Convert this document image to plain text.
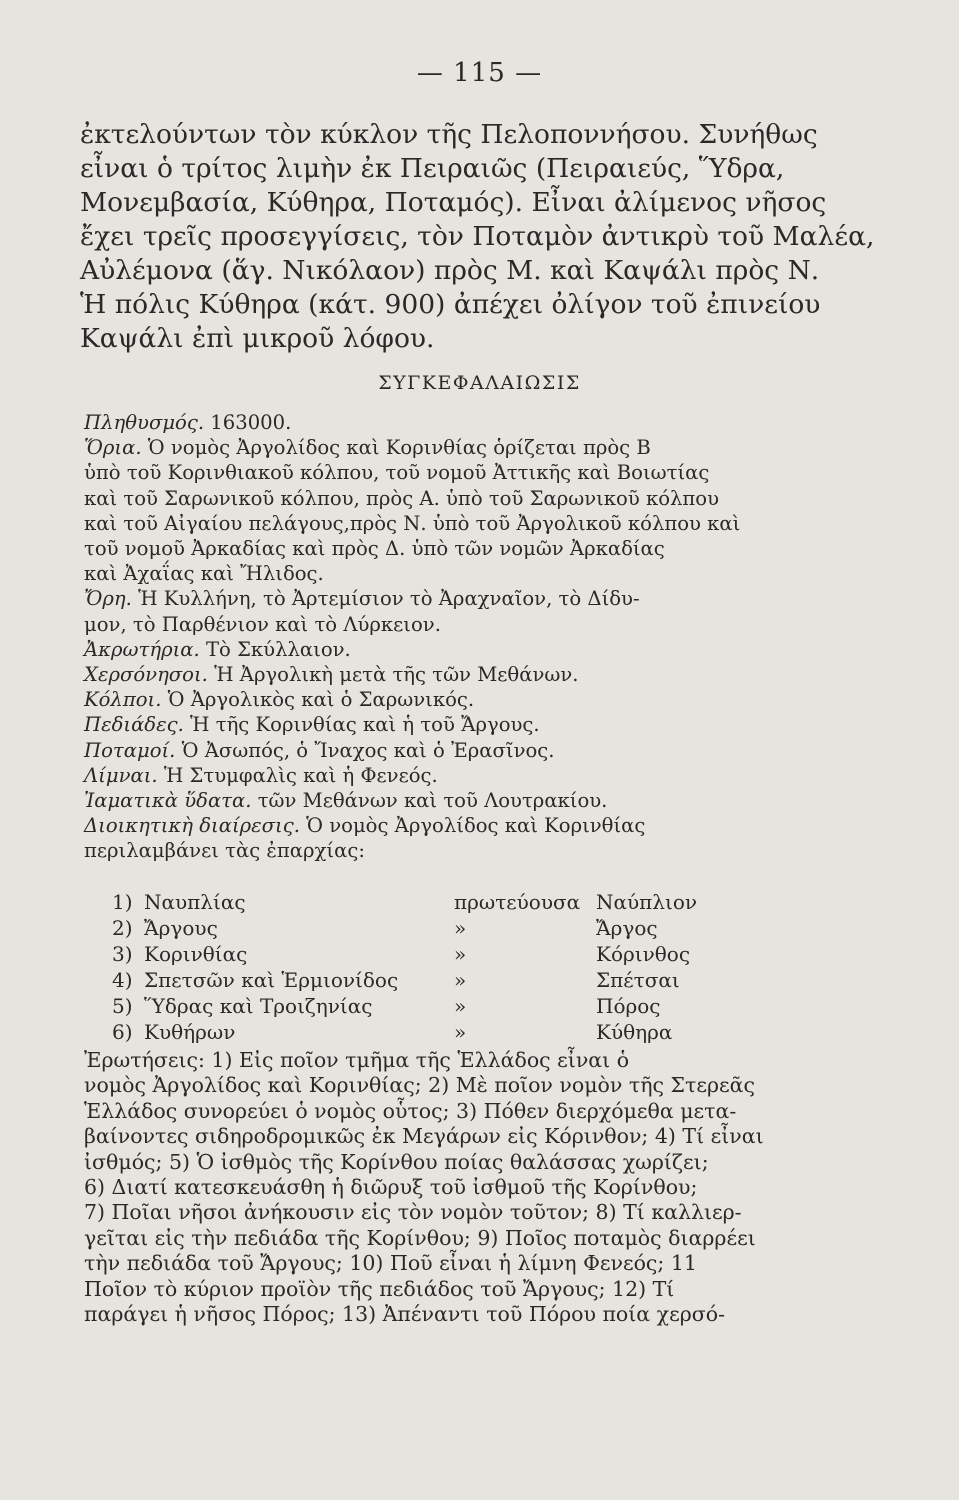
— 115 —
ἐκτελούντων τὸν κύκλον τῆς Πελοποννήσου. Συνήθως
εἶναι ὁ τρίτος λιμὴν ἐκ Πειραιῶς (Πειραιεύς, Ὕδρα,
Μονεμβασία, Κύθηρα, Ποταμός). Εἶναι ἀλίμενος νῆσος
ἔχει τρεῖς προσεγγίσεις, τὸν Ποταμὸν ἀντικρὺ τοῦ Μαλέα,
Αὐλέμονα (ἅγ. Νικόλαον) πρὸς Μ. καὶ Καψάλι πρὸς Ν.
Ἡ πόλις Κύθηρα (κάτ. 900) ἀπέχει ὀλίγον τοῦ ἐπινείου
Καψάλι ἐπὶ μικροῦ λόφου.
ΣΥΓΚΕΦΑΛΑΙΩΣΙΣ
Πληθυσμός. 163000.
Ὅρια. Ὁ νομὸς Ἀργολίδος καὶ Κορινθίας ὁρίζεται πρὸς Β
ὑπὸ τοῦ Κορινθιακοῦ κόλπου, τοῦ νομοῦ Ἀττικῆς καὶ Βοιωτίας
καὶ τοῦ Σαρωνικοῦ κόλπου, πρὸς Α. ὑπὸ τοῦ Σαρωνικοῦ κόλπου
καὶ τοῦ Αἰγαίου πελάγους,πρὸς Ν. ὑπὸ τοῦ Ἀργολικοῦ κόλπου καὶ
τοῦ νομοῦ Ἀρκαδίας καὶ πρὸς Δ. ὑπὸ τῶν νομῶν Ἀρκαδίας
καὶ Ἀχαΐας καὶ Ἤλιδος.
Ὄρη. Ἡ Κυλλήνη, τὸ Ἀρτεμίσιον τὸ Ἀραχναῖον, τὸ Δίδυ-
μον, τὸ Παρθένιον καὶ τὸ Λύρκειον.
Ἀκρωτήρια. Τὸ Σκύλλαιον.
Χερσόνησοι. Ἡ Ἀργολικὴ μετὰ τῆς τῶν Μεθάνων.
Κόλποι. Ὁ Ἀργολικὸς καὶ ὁ Σαρωνικός.
Πεδιάδες. Ἡ τῆς Κορινθίας καὶ ἡ τοῦ Ἄργους.
Ποταμοί. Ὁ Ἀσωπός, ὁ Ἴναχος καὶ ὁ Ἐρασῖνος.
Λίμναι. Ἡ Στυμφαλὶς καὶ ἡ Φενεός.
Ἰαματικὰ ὕδατα. τῶν Μεθάνων καὶ τοῦ Λουτρακίου.
Διοικητικὴ διαίρεσις. Ὁ νομὸς Ἀργολίδος καὶ Κορινθίας
περιλαμβάνει τὰς ἐπαρχίας:
1) Ναυπλίας	πρωτεύουσα Ναύπλιον
2) Ἄργους	»	Ἄργος
3) Κορινθίας	»	Κόρινθος
4) Σπετσῶν καὶ Ἑρμιονίδος	»	Σπέτσαι
5) Ὕδρας καὶ Τροιζηνίας	»	Πόρος
6) Κυθήρων	»	Κύθηρα
Ἐρωτήσεις: 1) Εἰς ποῖον τμῆμα τῆς Ἑλλάδος εἶναι ὁ
νομὸς Ἀργολίδος καὶ Κορινθίας; 2) Μὲ ποῖον νομὸν τῆς Στερεᾶς
Ἑλλάδος συνορεύει ὁ νομὸς οὗτος; 3) Πόθεν διερχόμεθα μετα-
βαίνοντες σιδηροδρομικῶς ἐκ Μεγάρων εἰς Κόρινθον; 4) Τί εἶναι
ἰσθμός; 5) Ὁ ἰσθμὸς τῆς Κορίνθου ποίας θαλάσσας χωρίζει;
6) Διατί κατεσκευάσθη ἡ διῶρυξ τοῦ ἰσθμοῦ τῆς Κορίνθου;
7) Ποῖαι νῆσοι ἀνήκουσιν εἰς τὸν νομὸν τοῦτον; 8) Τί καλλιερ-
γεῖται εἰς τὴν πεδιάδα τῆς Κορίνθου; 9) Ποῖος ποταμὸς διαρρέει
τὴν πεδιάδα τοῦ Ἄργους; 10) Ποῦ εἶναι ἡ λίμνη Φενεός; 11
Ποῖον τὸ κύριον προϊὸν τῆς πεδιάδος τοῦ Ἄργους; 12) Τί
παράγει ἡ νῆσος Πόρος; 13) Ἀπέναντι τοῦ Πόρου ποία χερσό-
